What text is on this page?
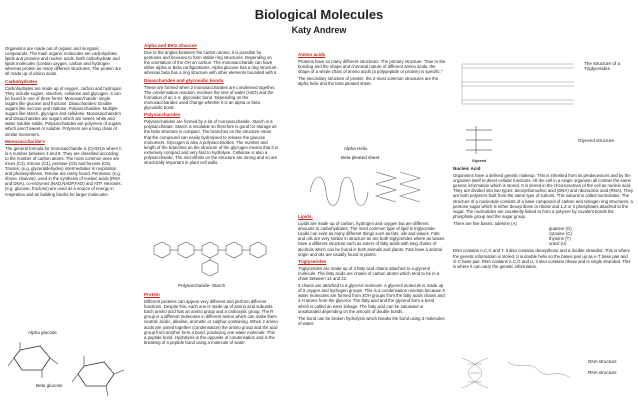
Biological Molecules
Katy Andrew

Organisms are made out of organic and inorganic compounds. The main organic molecules are carbohydrate, lipids and proteins and nucleic acids. Both carbohydrate and lipids molecules (contain oxygen, carbon and hydrogen whereas protein as many different structures. The protein are all made up of amino acids.

Carbohydrates

Carbohydrates are made up of oxygen, carbon and hydrogen. They include sugars, starches, cellulose and glycogen. It can be found in one of three forms: Monosaccharide- single sugars like glucose and fructose. Disaccharides: Double sugars like sucrose and maltose. Polysaccharides- Multiple sugars like starch, glycogen and cellulose. Monosaccharide's and Disaccharides are sugars which are sweet, white and water soluble solids. Polysaccharides are polymers of sugars which aren't sweet or soluble. Polymers are a long chain of similar monomers.

Monosaccharide's

The general formula for monosaccharide is (CH2O)n where n is a number between 3 and 8. They are classified according to the number of carbon atoms. The most common ones are trices (C3), tetrose (C4), pentose (C5) and hexose (C6). Trioses: (e.g. glyceraldehydes) intermediates in respiration and photosynthesis. Tetrose are rarely found. Pentoses: (e.g. ribose, ribulose), used in the synthesis of nucleic acids (RNA and DNA), co-enzymes (NAD,NADP,FAD) and ATP. Hexoses: (e.g. glucose, fructose) are used as a source of energy in respiration and as building blocks for larger molecules.

Alpha glucose
Beta glucose

Alpha and Beta Glucose

Due to the angles between the carbon atoms, it is possible for pentoses and hexoses to form stable ring structures. Depending on the orientation of the OH on carbon. The monosaccharide can have either alpha or Beta configurations. Alpha glucose has a ring structure, whereas beta has a ring structure with other elements bounded with it.

Disaccharides and glycosidic bonds

These are formed when 2 monosaccharides are condensed together. The condensation reaction, involves the loss of water (H2O) and the formation of an 1-4- glycosidic bond. Depending on the monosaccharides used change whether it is an alpha or beta glycosidic bond.

Polysaccharides

Polysaccharides are formed by a lot of monosaccharide. Starch is a polysaccharide. Starch is insoluble so therefore is good for storage as the helix structure is compact. The branches on the structure mean that the compound can easily hydrolysed to release the glucose monomers. Glycogen is also a polysaccharides. The number and length of the branches on the structure of the glycogen means that it is extremely compact and very fast to hydrolyse. Cellulose is also a polysaccharide. The microfibrils on the structure are strong and so are structurally important in plant cell walls.

Polysaccharide- Starch

Protein

Different proteins can appear very different and perform different functions. Despite this, each one is made up of amino acid subunits. Each amino acid has an amino group and a carboxylic group. The R group is a different molecules in different amino which can make them neutral, acidic, alkaline, aromatic or sulphur-containing. When 2 amino acids are joined together (condensation) the amino group and the acid group from another form a bond, producing one water molecule. This a peptide bond. Hydrolysis is the opposite of condensation and is the breaking of a peptide bond using a molecule of water.

Amino acids

Proteins have so many different structures. The primary structure: "Due to the bonding and the shape and chemical nature of different amino acids, the shape of a whole chain of amino acids (a polypeptide or protein) is specific."

The secondary structure of protein: the 2 most common structures are the alpha helix and the beta pleated sheet.

Alpha Helix
Beta pleated sheet

Lipids.

Lipids are made up of carbon, hydrogen and oxygen but are different amounts to carbohydrates. The most common type of lipid is triglyceride. Lipids can exist as many different things such as fats, oils and waxes. Fats and oils are very similar in structure as are both triglycerides where as waxes have a different structure such as esters of fatty acids with long chains of alcohols which can be found in both animals and plants. Fats have a animal origin and oils are usually found in plants.

Triglycerides

Triglycerides are made up of 3 fatty acid chains attached to a glycerol molecule. The fatty acids are chains of carbon atoms which tend to be in a chain between 14 and 22.

3 chains are attached to a glycerol molecule. A glycerol molecule is made up of 3 oxygen and hydrogen groups. This is a condensation reaction because 3 water molecules are formed from 3OH groups from the fatty acids chains and 3 H atoms from the glycerol. The fatty acid and the glycerol form a bond which is called an ester linkage. The fatty acid can be saturated or unsaturated depending on the amount of double bonds.

The bond can be broken hydrolysis which breaks the bond using 3 molecules of water.

The structure of a Triglycerides
Glycerol
Glycerol structure

Nucleic Acid

Organisms have a defined genetic makeup. This is inherited from its predecessors and by the organism itself to direct cellular functions. All the cell in a single organism all contain the same genetic information which is stored. It is stored in the chromosomes of the cell as nucleic acid. They are divided into two types: deoxyribonucleic acid (DNA) and ribonucleic acid (RNA). They are both polymers built from the same type of subunit. This subunit is called nucleotides. The structure of a nucleotide consists of a base composed of carbon and nitrogen ring structures, a pentose sugar which is either deoxyribose or ribose and 1,2 or 3 phosphates attached to the sugar. The nucleotides are covalently linked to form a polymer by covalent bonds the phosphate group and the sugar group.

There are five bases: adenine (A)

guanine (G)

cytosine (C)

thymine (T)

uracil (U)

DNA contains A,C,G and T, it also contains deoxyribose and a double stranded. This is where the genetic information is stored. It is double helix so the bases pair up as A-T base pair and G-C base pair. RNA contains A,C,G and U, it also contains ribose and is single stranded. This is where it can carry the genetic information.

DNA structure
RNA structure
